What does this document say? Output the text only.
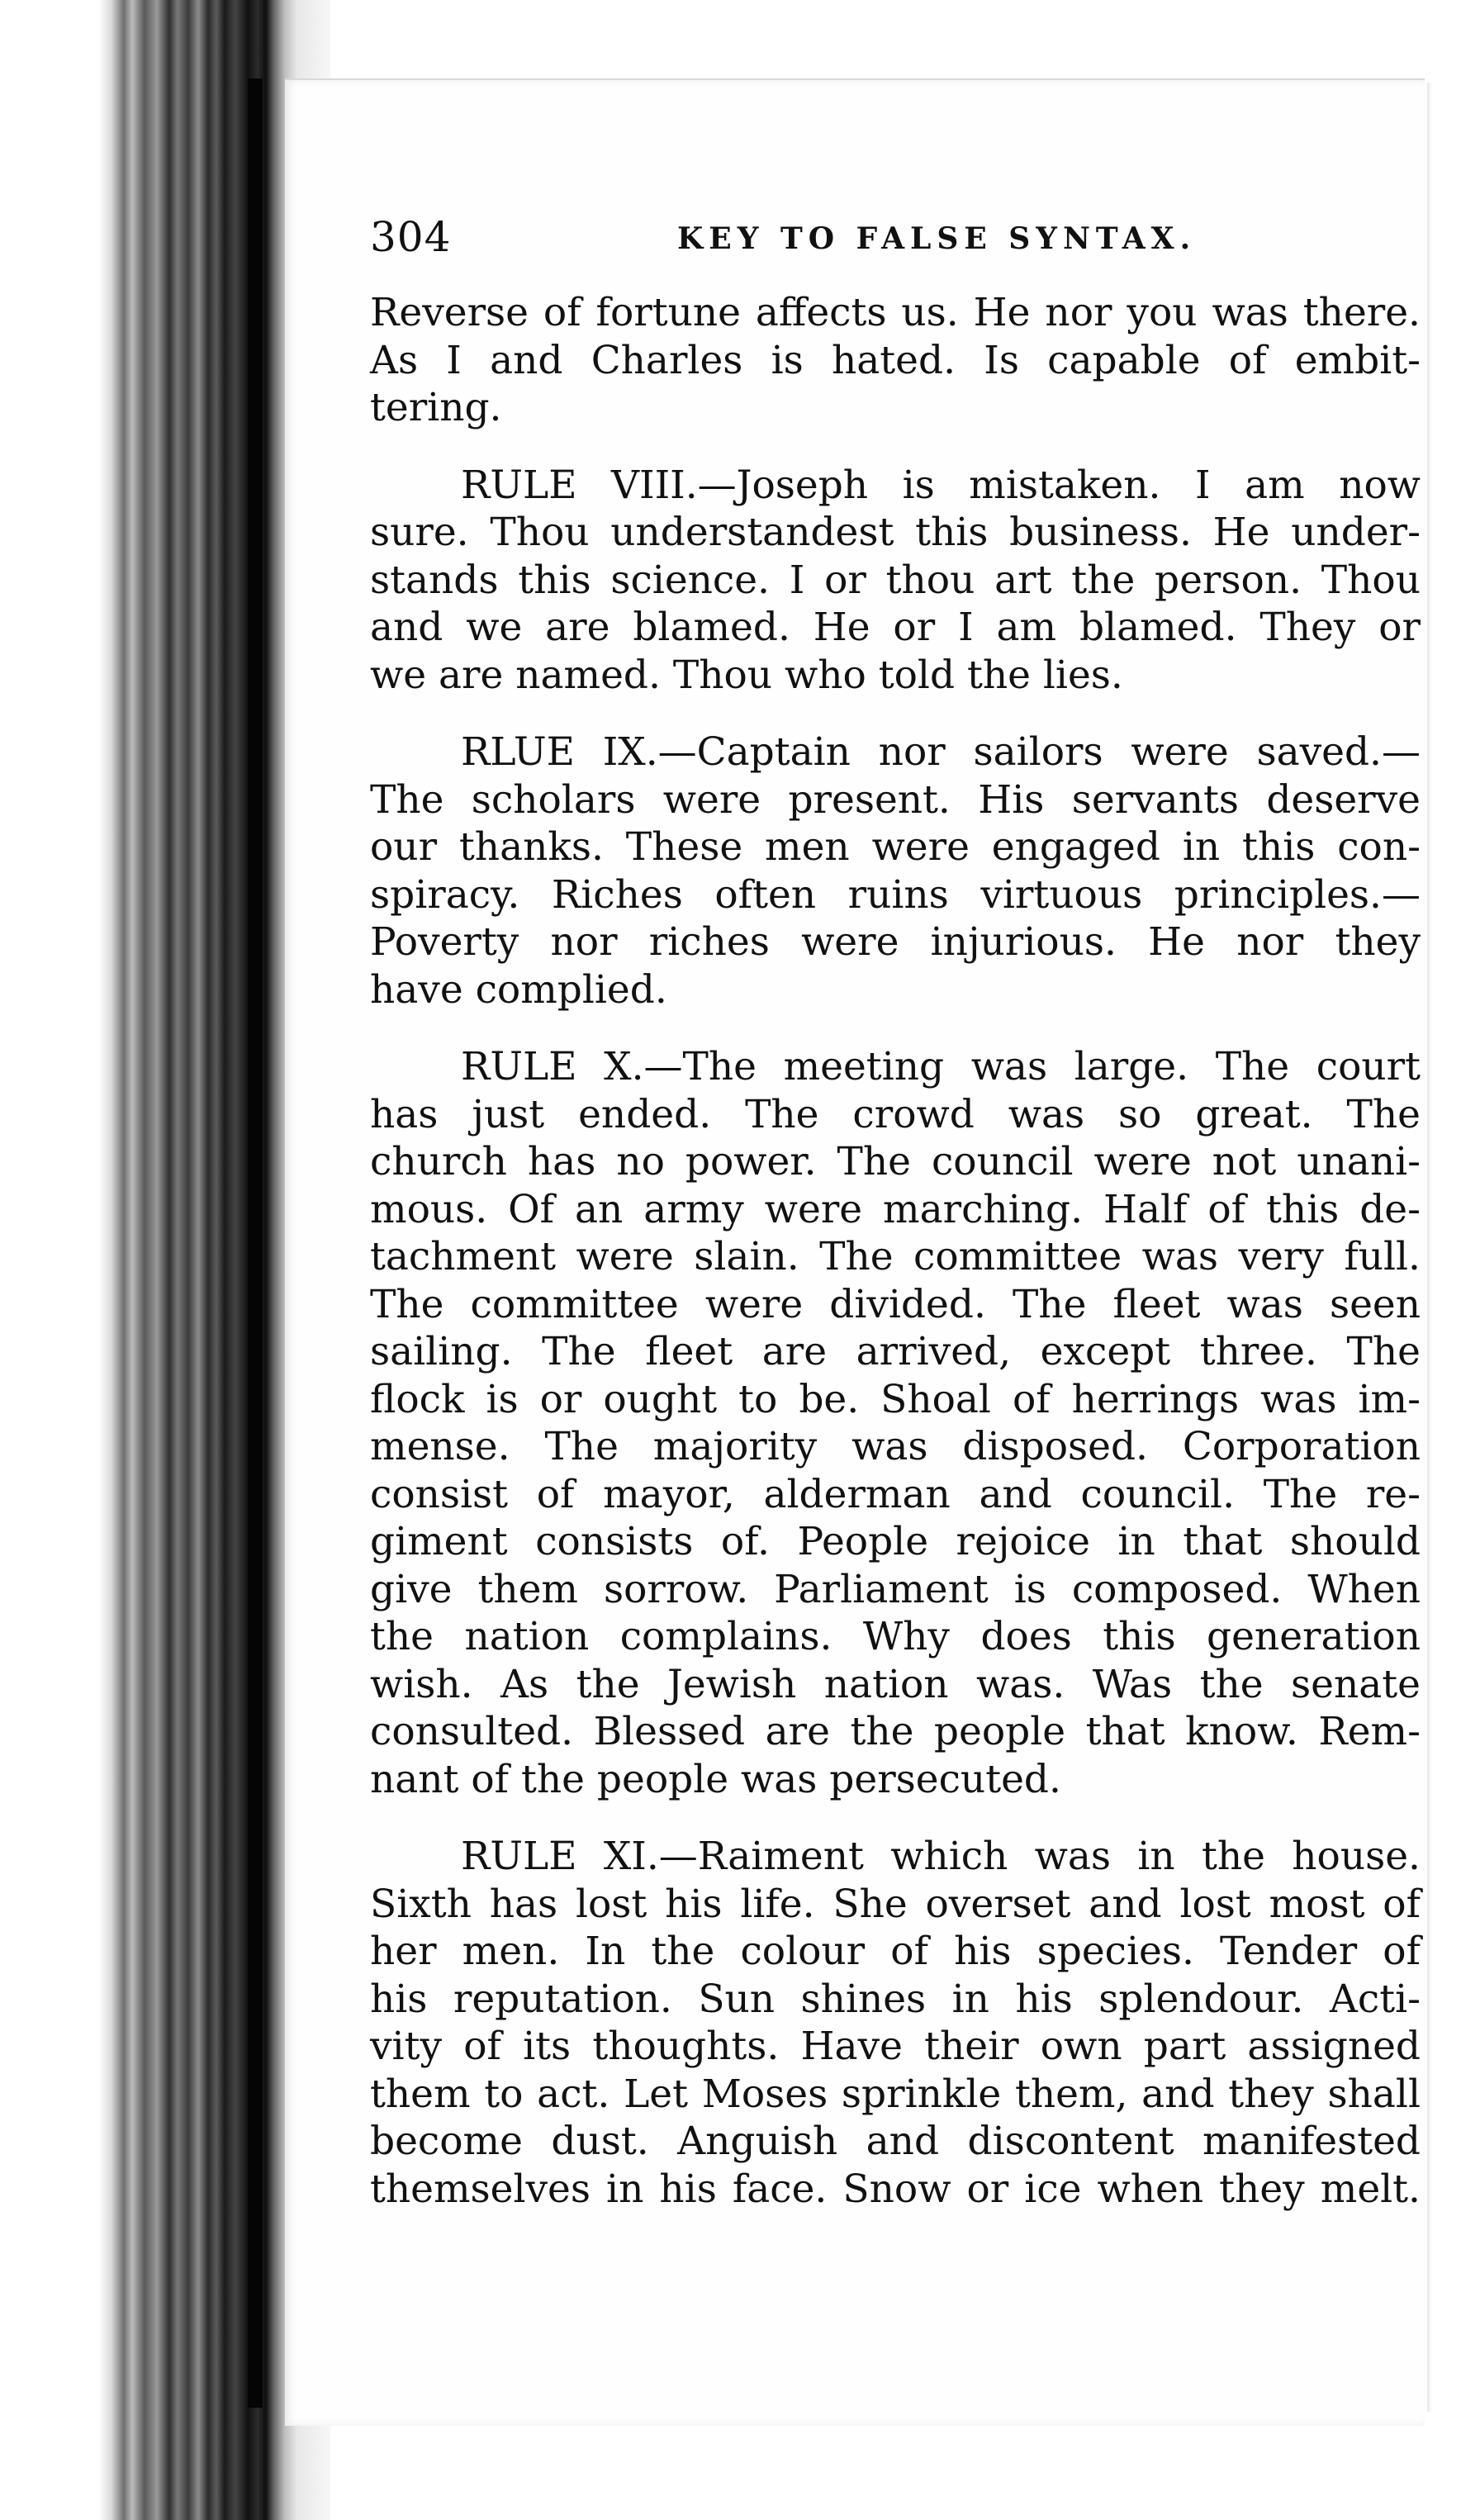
304	KEY TO FALSE SYNTAX.
Reverse of fortune affects us. He nor you was there.
As I and Charles is hated. Is capable of embit-
tering.
RULE VIII.—Joseph is mistaken. I am now
sure. Thou understandest this business. He under-
stands this science. I or thou art the person. Thou
and we are blamed. He or I am blamed. They or
we are named. Thou who told the lies.
RLUE IX.—Captain nor sailors were saved.—
The scholars were present. His servants deserve
our thanks. These men were engaged in this con-
spiracy. Riches often ruins virtuous principles.—
Poverty nor riches were injurious. He nor they
have complied.
RULE X.—The meeting was large. The court
has just ended. The crowd was so great. The
church has no power. The council were not unani-
mous. Of an army were marching. Half of this de-
tachment were slain. The committee was very full.
The committee were divided. The fleet was seen
sailing. The fleet are arrived, except three. The
flock is or ought to be. Shoal of herrings was im-
mense. The majority was disposed. Corporation
consist of mayor, alderman and council. The re-
giment consists of. People rejoice in that should
give them sorrow. Parliament is composed. When
the nation complains. Why does this generation
wish. As the Jewish nation was. Was the senate
consulted. Blessed are the people that know. Rem-
nant of the people was persecuted.
RULE XI.—Raiment which was in the house.
Sixth has lost his life. She overset and lost most of
her men. In the colour of his species. Tender of
his reputation. Sun shines in his splendour. Acti-
vity of its thoughts. Have their own part assigned
them to act. Let Moses sprinkle them, and they shall
become dust. Anguish and discontent manifested
themselves in his face. Snow or ice when they melt.
